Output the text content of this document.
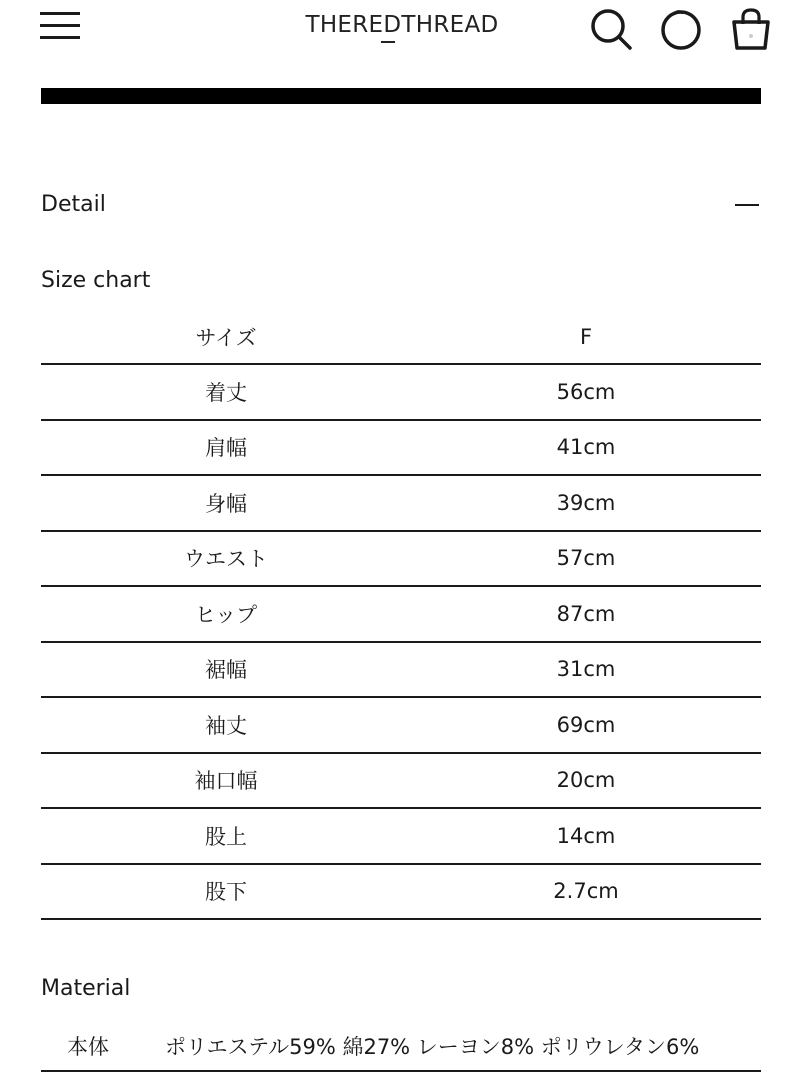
THEREDTHREAD
Detail
Size chart
サイズ	F
着丈	56cm
肩幅	41cm
身幅	39cm
ウエスト	57cm
ヒップ	87cm
裾幅	31cm
袖丈	69cm
袖口幅	20cm
股上	14cm
股下	2.7cm
Material
本体	ポリエステル59% 綿27% レーヨン8% ポリウレタン6%
